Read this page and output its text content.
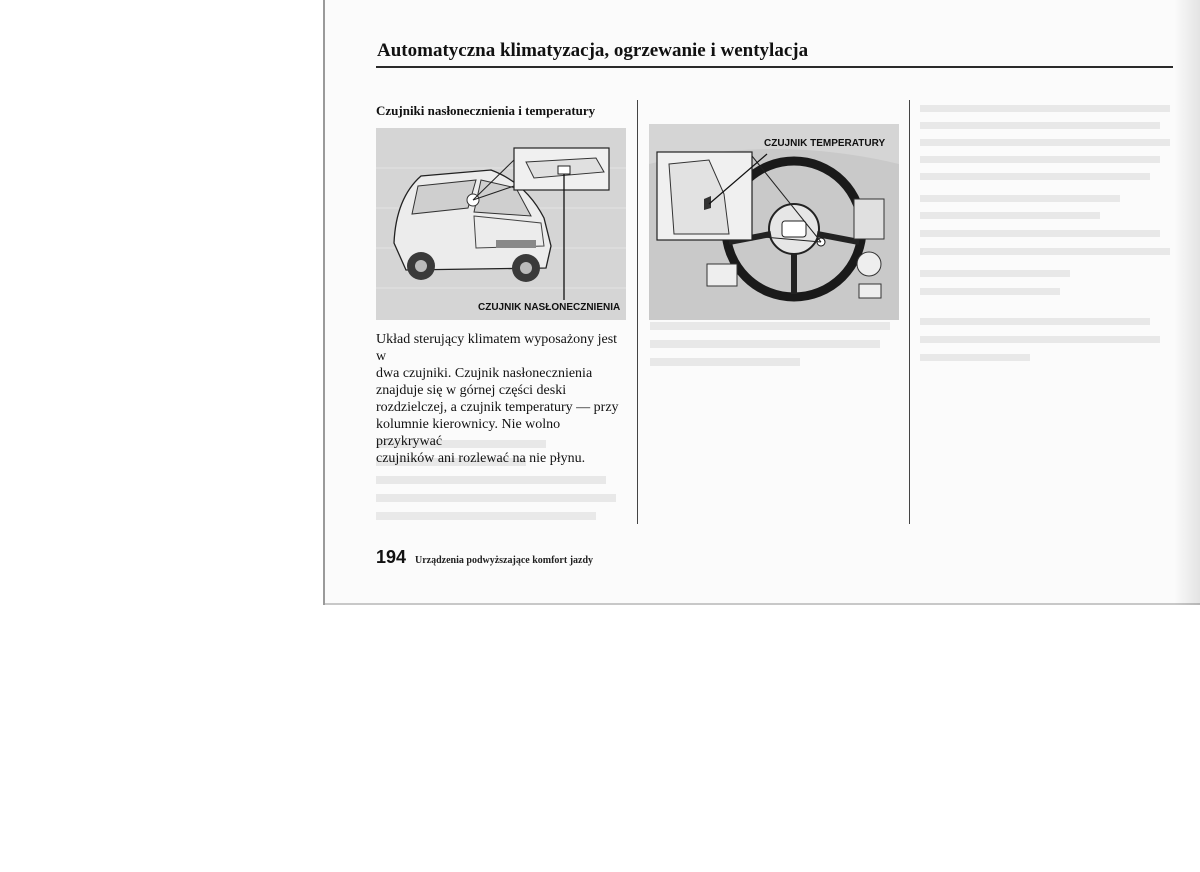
Automatyczna klimatyzacja, ogrzewanie i wentylacja
Czujniki nasłonecznienia i temperatury
CZUJNIK NASŁONECZNIENIA
CZUJNIK TEMPERATURY
Układ sterujący klimatem wyposażony jest w
dwa czujniki. Czujnik nasłonecznienia
znajduje się w górnej części deski
rozdzielczej, a czujnik temperatury — przy
kolumnie kierownicy. Nie wolno przykrywać
czujników ani rozlewać na nie płynu.
194 Urządzenia podwyższające komfort jazdy
